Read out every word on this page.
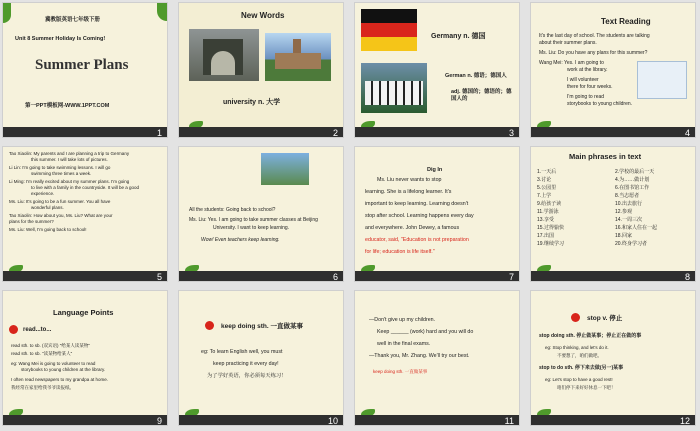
冀教版英语七年级下册
Unit 8 Summer Holiday Is Coming!
Summer Plans
第一PPT模板网-WWW.1PPT.COM
1
New Words
university n. 大学
2
Germany n. 德国
German n. 德语；德国人
adj. 德国的；德语的；德国人的
3
Text Reading
It's the last day of school. The students are talking
about their summer plans.
Ms. Liu: Do you have any plans for this summer?
Wang Mei: Yes. I am going to
work at the library.
I will volunteer
there for four weeks.
I'm going to read
storybooks to young children.
4
Tao Xiaolin: My parents and I are planning a trip to Germany
this summer. I will take lots of pictures.
Li Lin: I'm going to take swimming lessons. I will go
swimming three times a week.
Li Ming: I'm really excited about my summer plans. I'm going
to live with a family in the countryside. It will be a good
experience.
Ms. Liu: It's going to be a fun summer. You all have
wonderful plans.
Tao Xiaolin: How about you, Ms. Liu? What are your
plans for the summer?
Ms. Liu: Well, I'm going back to school!
5
All the students: Going back to school?
Ms. Liu: Yes. I am going to take summer classes at Beijing
University. I want to keep learning.
Wow! Even teachers keep learning.
6
Dig In
Ms. Liu never wants to stop
learning. She is a lifelong learner. It's
important to keep learning. Learning doesn't
stop after school. Learning happens every day
and everywhere. John Dewey, a famous
educator, said, "Education is not preparation
for life; education is life itself."
7
Main phrases in text
1.一天后	2.学校的最后一天
3.讨论	4.为……做计划
5.公园里	6.在图书馆工作
7.上学	8.当志愿者
9.给孩子读	10.出去旅行
11.学游泳	12.参观
13.享受	14.一周三次
15.过得愉快	16.和家人住在一起
17.出国	18.回家
19.继续学习	20.终身学习者
8
Language Points
read...to...
read sth. to sb. (双宾语) "给某人读某物"
read sth. to sb. "读某物给某人"
eg: Wang Mei is going to volunteer to read
storybooks to young children at the library.
I often read newspapers to my grandpa at home.
我经常在家里给我爷爷读报纸。
9
keep doing sth. 一直做某事
eg: To learn English well, you must
keep practicing it every day!
为了学好英语，你必须每天练习！
10
—Don't give up my children.
Keep ______ (work) hard and you will do
well in the final exams.
—Thank you, Mr. Zhang. We'll try our best.
keep doing sth. 一直做某事
11
stop v. 停止
stop doing sth. 停止做某事；停止正在做的事
eg: Stop thinking, and let's do it.
不要想了，咱们做吧。
stop to do sth. 停下来去做(另一)某事
eg: Let's stop to have a good rest!
咱们停下来好好休息一下吧！
12
